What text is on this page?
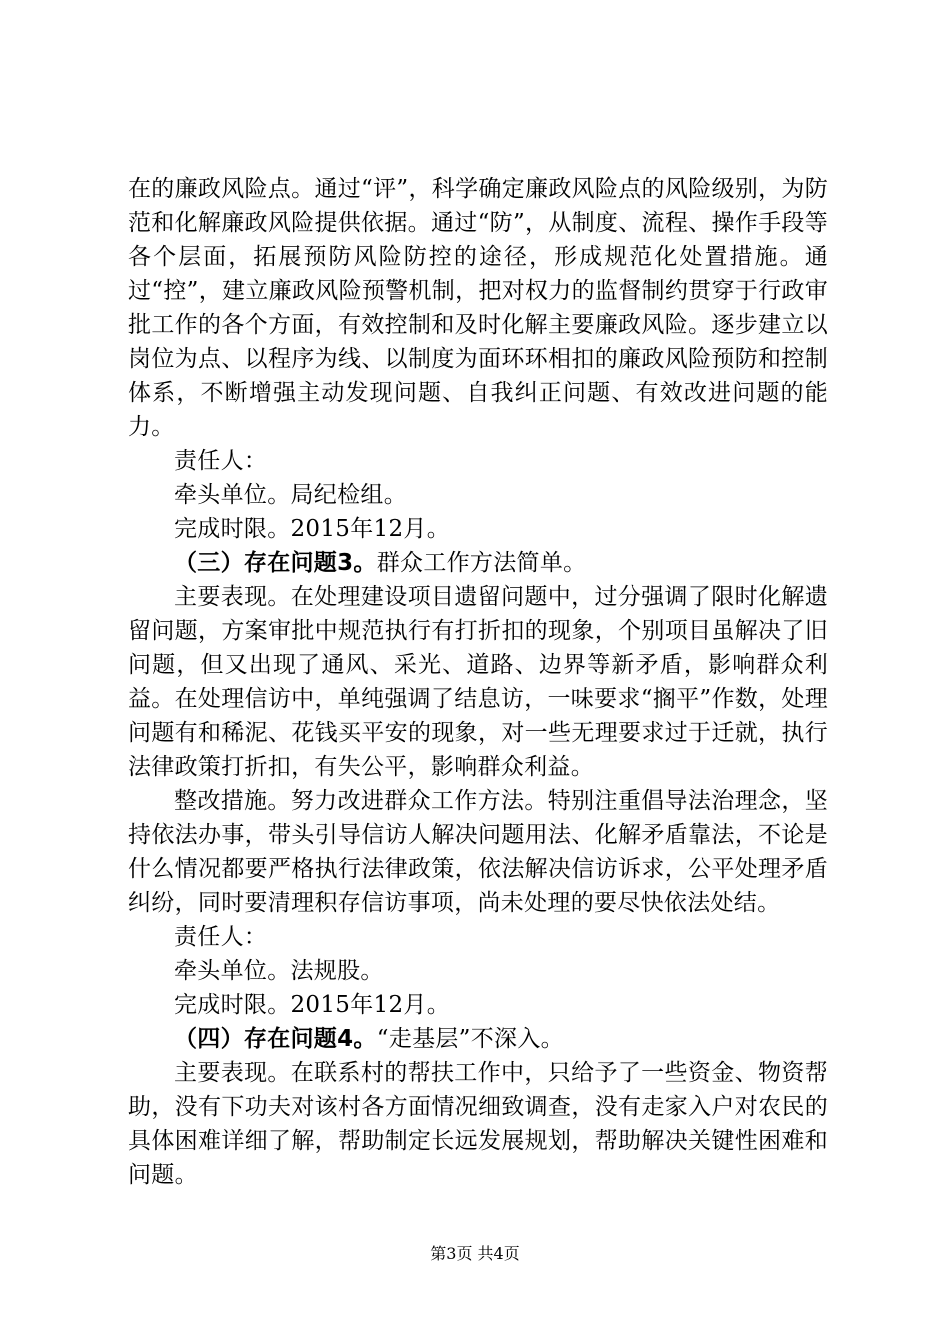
在的廉政风险点。通过“评”，科学确定廉政风险点的风险级别，为防范和化解廉政风险提供依据。通过“防”，从制度、流程、操作手段等各个层面，拓展预防风险防控的途径，形成规范化处置措施。通过“控”，建立廉政风险预警机制，把对权力的监督制约贯穿于行政审批工作的各个方面，有效控制和及时化解主要廉政风险。逐步建立以岗位为点、以程序为线、以制度为面环环相扣的廉政风险预防和控制体系，不断增强主动发现问题、自我纠正问题、有效改进问题的能力。

责任人：

牵头单位。局纪检组。

完成时限。2015年12月。

（三）存在问题3。群众工作方法简单。

主要表现。在处理建设项目遗留问题中，过分强调了限时化解遗留问题，方案审批中规范执行有打折扣的现象，个别项目虽解决了旧问题，但又出现了通风、采光、道路、边界等新矛盾，影响群众利益。在处理信访中，单纯强调了结息访，一味要求“搁平”作数，处理问题有和稀泥、花钱买平安的现象，对一些无理要求过于迁就，执行法律政策打折扣，有失公平，影响群众利益。

整改措施。努力改进群众工作方法。特别注重倡导法治理念，坚持依法办事，带头引导信访人解决问题用法、化解矛盾靠法，不论是什么情况都要严格执行法律政策，依法解决信访诉求，公平处理矛盾纠纷，同时要清理积存信访事项，尚未处理的要尽快依法处结。

责任人：

牵头单位。法规股。

完成时限。2015年12月。

（四）存在问题4。“走基层”不深入。

主要表现。在联系村的帮扶工作中，只给予了一些资金、物资帮助，没有下功夫对该村各方面情况细致调查，没有走家入户对农民的具体困难详细了解，帮助制定长远发展规划，帮助解决关键性困难和问题。

第3页 共4页
